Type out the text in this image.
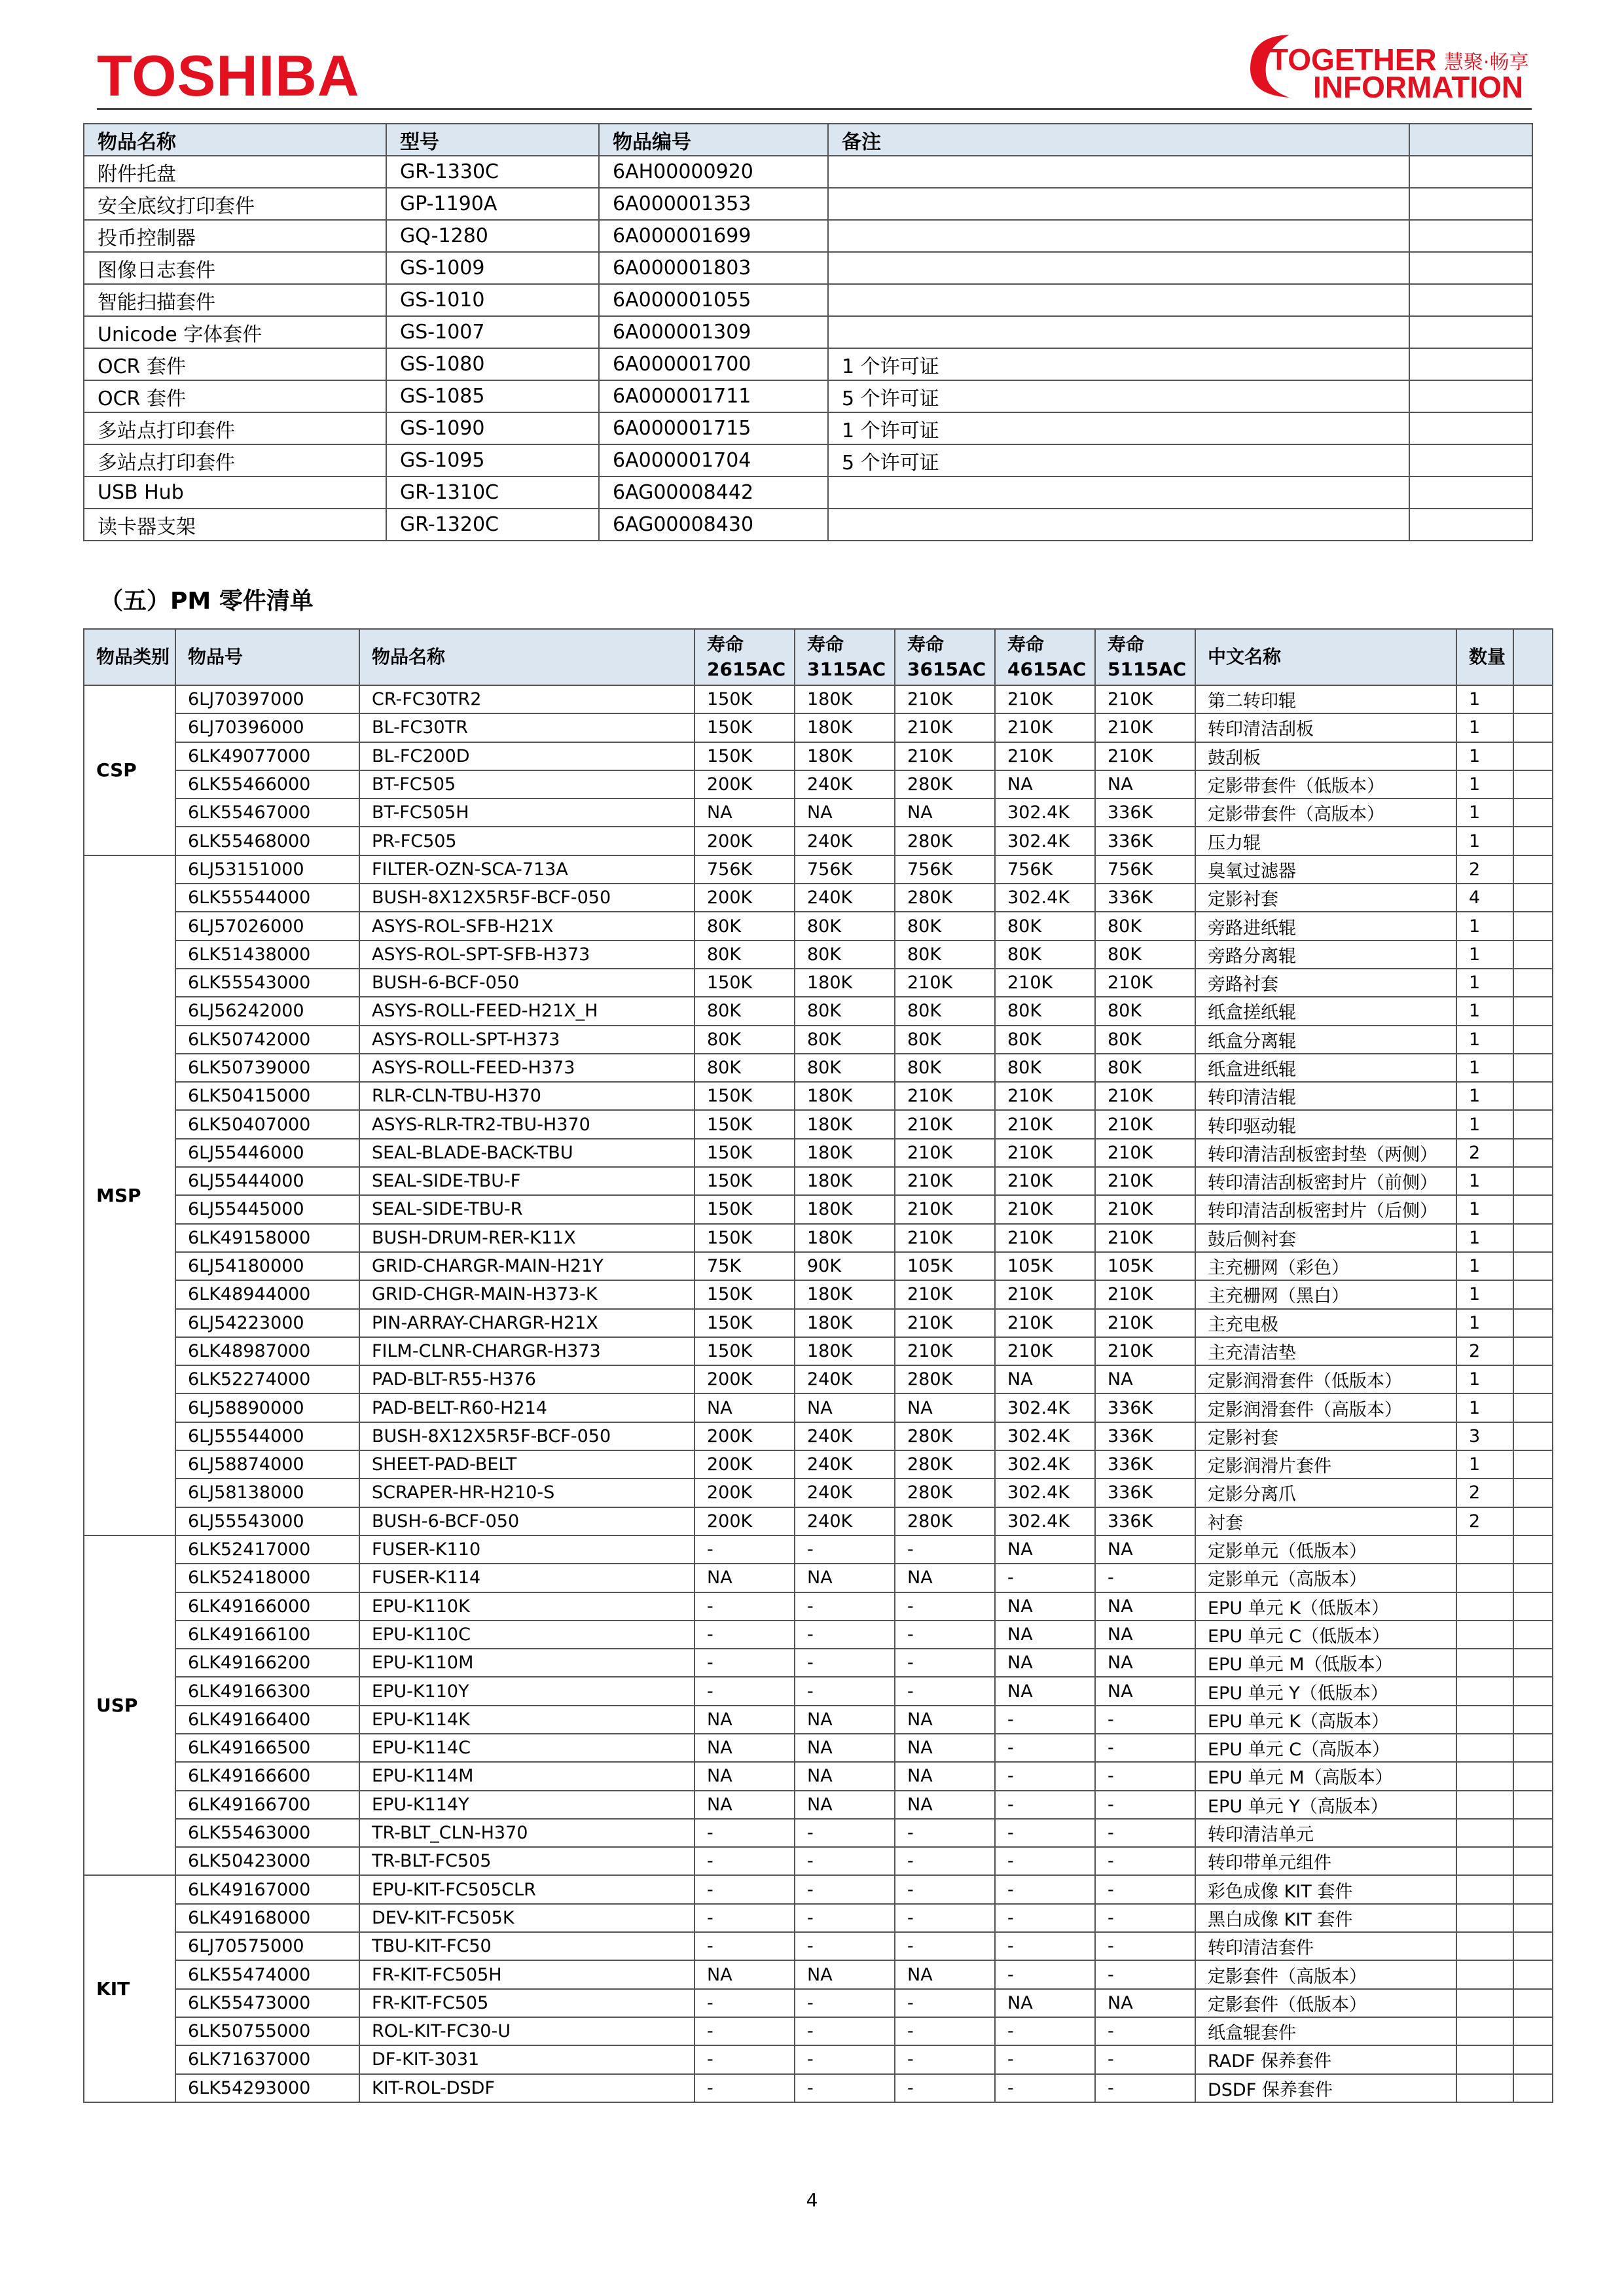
TOSHIBA	TOGETHER 慧聚·畅享
INFORMATION
物品名称	型号	物品编号	备注	
附件托盘	GR-1330C	6AH00000920		
安全底纹打印套件	GP-1190A	6A000001353		
投币控制器	GQ-1280	6A000001699		
图像日志套件	GS-1009	6A000001803		
智能扫描套件	GS-1010	6A000001055		
Unicode 字体套件	GS-1007	6A000001309		
OCR 套件	GS-1080	6A000001700	1 个许可证	
OCR 套件	GS-1085	6A000001711	5 个许可证	
多站点打印套件	GS-1090	6A000001715	1 个许可证	
多站点打印套件	GS-1095	6A000001704	5 个许可证	
USB Hub	GR-1310C	6AG00008442		
读卡器支架	GR-1320C	6AG00008430		
（五）PM 零件清单
物品类别	物品号	物品名称	寿命2615AC	寿命3115AC	寿命3615AC	寿命4615AC	寿命5115AC	中文名称	数量	
CSP	6LJ70397000	CR-FC30TR2	150K	180K	210K	210K	210K	第二转印辊	1	
	6LJ70396000	BL-FC30TR	150K	180K	210K	210K	210K	转印清洁刮板	1	
	6LK49077000	BL-FC200D	150K	180K	210K	210K	210K	鼓刮板	1	
	6LK55466000	BT-FC505	200K	240K	280K	NA	NA	定影带套件（低版本）	1	
	6LK55467000	BT-FC505H	NA	NA	NA	302.4K	336K	定影带套件（高版本）	1	
	6LK55468000	PR-FC505	200K	240K	280K	302.4K	336K	压力辊	1	
MSP	6LJ53151000	FILTER-OZN-SCA-713A	756K	756K	756K	756K	756K	臭氧过滤器	2	
	6LK55544000	BUSH-8X12X5R5F-BCF-050	200K	240K	280K	302.4K	336K	定影衬套	4	
	6LJ57026000	ASYS-ROL-SFB-H21X	80K	80K	80K	80K	80K	旁路进纸辊	1	
	6LK51438000	ASYS-ROL-SPT-SFB-H373	80K	80K	80K	80K	80K	旁路分离辊	1	
	6LK55543000	BUSH-6-BCF-050	150K	180K	210K	210K	210K	旁路衬套	1	
	6LJ56242000	ASYS-ROLL-FEED-H21X_H	80K	80K	80K	80K	80K	纸盒搓纸辊	1	
	6LK50742000	ASYS-ROLL-SPT-H373	80K	80K	80K	80K	80K	纸盒分离辊	1	
	6LK50739000	ASYS-ROLL-FEED-H373	80K	80K	80K	80K	80K	纸盒进纸辊	1	
	6LK50415000	RLR-CLN-TBU-H370	150K	180K	210K	210K	210K	转印清洁辊	1	
	6LK50407000	ASYS-RLR-TR2-TBU-H370	150K	180K	210K	210K	210K	转印驱动辊	1	
	6LJ55446000	SEAL-BLADE-BACK-TBU	150K	180K	210K	210K	210K	转印清洁刮板密封垫（两侧）	2	
	6LJ55444000	SEAL-SIDE-TBU-F	150K	180K	210K	210K	210K	转印清洁刮板密封片（前侧）	1	
	6LJ55445000	SEAL-SIDE-TBU-R	150K	180K	210K	210K	210K	转印清洁刮板密封片（后侧）	1	
	6LK49158000	BUSH-DRUM-RER-K11X	150K	180K	210K	210K	210K	鼓后侧衬套	1	
	6LJ54180000	GRID-CHARGR-MAIN-H21Y	75K	90K	105K	105K	105K	主充栅网（彩色）	1	
	6LK48944000	GRID-CHGR-MAIN-H373-K	150K	180K	210K	210K	210K	主充栅网（黑白）	1	
	6LJ54223000	PIN-ARRAY-CHARGR-H21X	150K	180K	210K	210K	210K	主充电极	1	
	6LK48987000	FILM-CLNR-CHARGR-H373	150K	180K	210K	210K	210K	主充清洁垫	2	
	6LK52274000	PAD-BLT-R55-H376	200K	240K	280K	NA	NA	定影润滑套件（低版本）	1	
	6LJ58890000	PAD-BELT-R60-H214	NA	NA	NA	302.4K	336K	定影润滑套件（高版本）	1	
	6LJ55544000	BUSH-8X12X5R5F-BCF-050	200K	240K	280K	302.4K	336K	定影衬套	3	
	6LJ58874000	SHEET-PAD-BELT	200K	240K	280K	302.4K	336K	定影润滑片套件	1	
	6LJ58138000	SCRAPER-HR-H210-S	200K	240K	280K	302.4K	336K	定影分离爪	2	
	6LJ55543000	BUSH-6-BCF-050	200K	240K	280K	302.4K	336K	衬套	2	
USP	6LK52417000	FUSER-K110	-	-	-	NA	NA	定影单元（低版本）		
	6LK52418000	FUSER-K114	NA	NA	NA	-	-	定影单元（高版本）		
	6LK49166000	EPU-K110K	-	-	-	NA	NA	EPU 单元 K（低版本）		
	6LK49166100	EPU-K110C	-	-	-	NA	NA	EPU 单元 C（低版本）		
	6LK49166200	EPU-K110M	-	-	-	NA	NA	EPU 单元 M（低版本）		
	6LK49166300	EPU-K110Y	-	-	-	NA	NA	EPU 单元 Y（低版本）		
	6LK49166400	EPU-K114K	NA	NA	NA	-	-	EPU 单元 K（高版本）		
	6LK49166500	EPU-K114C	NA	NA	NA	-	-	EPU 单元 C（高版本）		
	6LK49166600	EPU-K114M	NA	NA	NA	-	-	EPU 单元 M（高版本）		
	6LK49166700	EPU-K114Y	NA	NA	NA	-	-	EPU 单元 Y（高版本）		
	6LK55463000	TR-BLT_CLN-H370	-	-	-	-	-	转印清洁单元		
	6LK50423000	TR-BLT-FC505	-	-	-	-	-	转印带单元组件		
KIT	6LK49167000	EPU-KIT-FC505CLR	-	-	-	-	-	彩色成像 KIT 套件		
	6LK49168000	DEV-KIT-FC505K	-	-	-	-	-	黑白成像 KIT 套件		
	6LJ70575000	TBU-KIT-FC50	-	-	-	-	-	转印清洁套件		
	6LK55474000	FR-KIT-FC505H	NA	NA	NA	-	-	定影套件（高版本）		
	6LK55473000	FR-KIT-FC505	-	-	-	NA	NA	定影套件（低版本）		
	6LK50755000	ROL-KIT-FC30-U	-	-	-	-	-	纸盒辊套件		
	6LK71637000	DF-KIT-3031	-	-	-	-	-	RADF 保养套件		
	6LK54293000	KIT-ROL-DSDF	-	-	-	-	-	DSDF 保养套件		
4
